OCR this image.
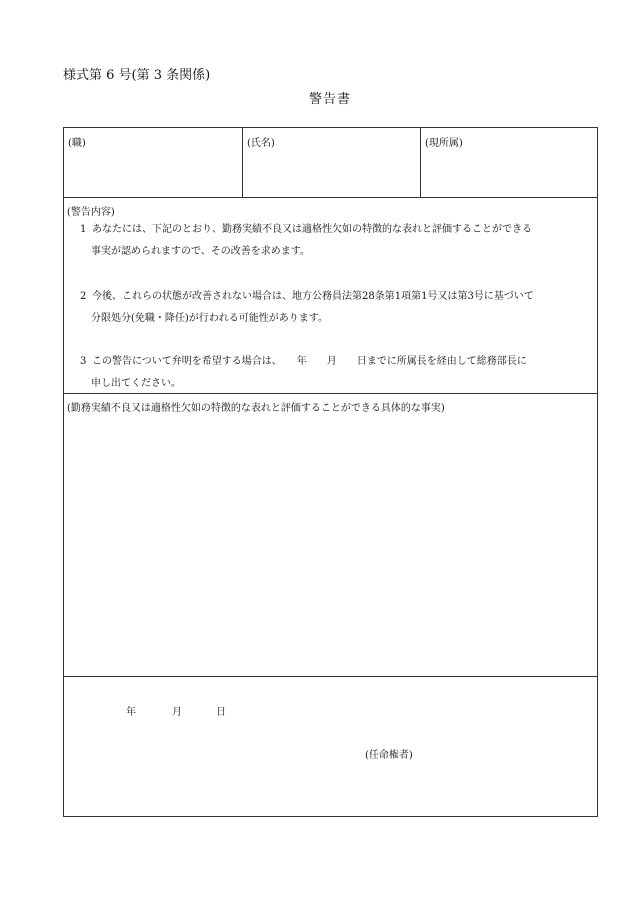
様式第 6 号(第 3 条関係)
警告書
(職)	(氏名)	(現所属)
(警告内容)
1 あなたには、下記のとおり、勤務実績不良又は適格性欠如の特徴的な表れと評価することができる
事実が認められますので、その改善を求めます。
2 今後、これらの状態が改善されない場合は、地方公務員法第28条第1項第1号又は第3号に基づいて
分限処分(免職・降任)が行われる可能性があります。
3 この警告について弁明を希望する場合は、　　年　　月　　日までに所属長を経由して総務部長に
申し出てください。
(勤務実績不良又は適格性欠如の特徴的な表れと評価することができる具体的な事実)
年	月	日
(任命権者)
